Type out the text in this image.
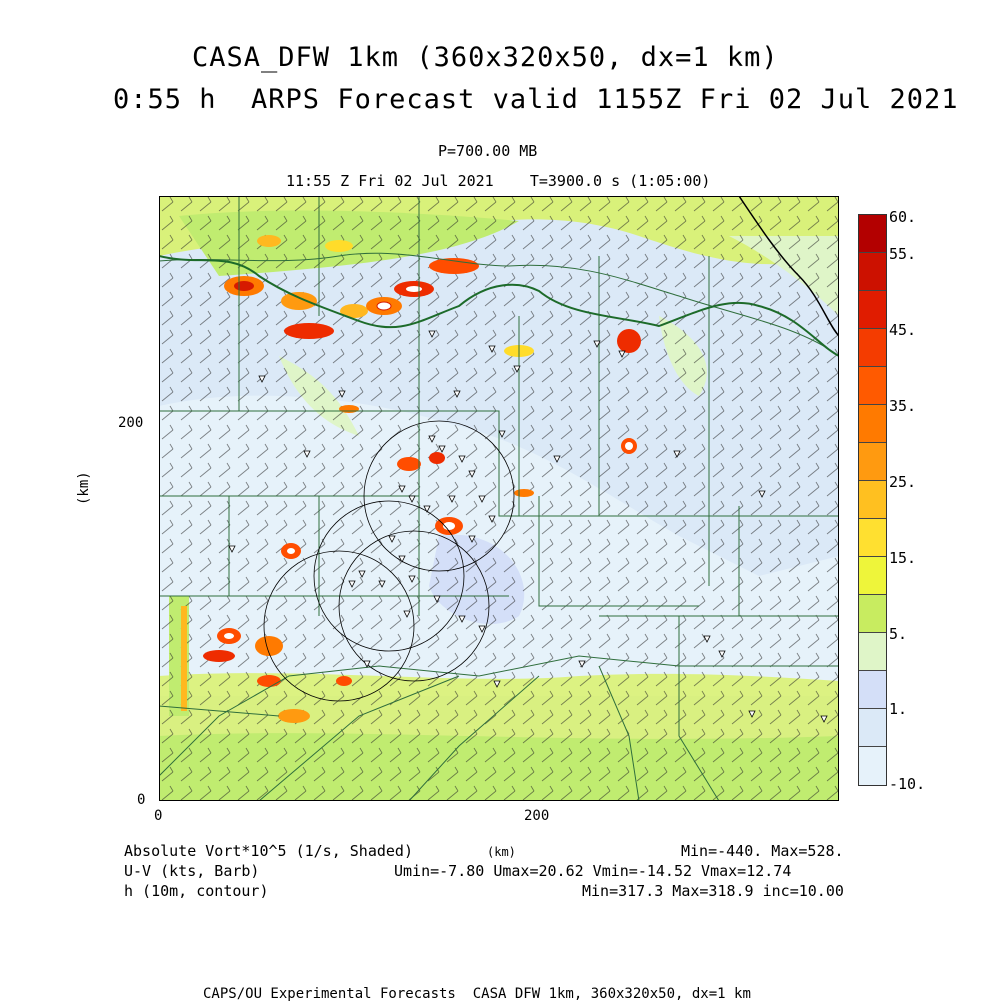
CASA_DFW 1km (360x320x50, dx=1 km)
0:55 h  ARPS Forecast valid 1155Z Fri 02 Jul 2021
P=700.00 MB
11:55 Z Fri 02 Jul 2021    T=3900.0 s (1:05:00)
(km)
200
0
0	200
(km)
60.
55.
45.
35.
25.
15.
5.
1.
-10.
Absolute Vort*10^5 (1/s, Shaded)
U-V (kts, Barb)
h (10m, contour)
Min=-440. Max=528.
Umin=-7.80 Umax=20.62 Vmin=-14.52 Vmax=12.74
Min=317.3 Max=318.9 inc=10.00
CAPS/OU Experimental Forecasts  CASA DFW 1km, 360x320x50, dx=1 km
